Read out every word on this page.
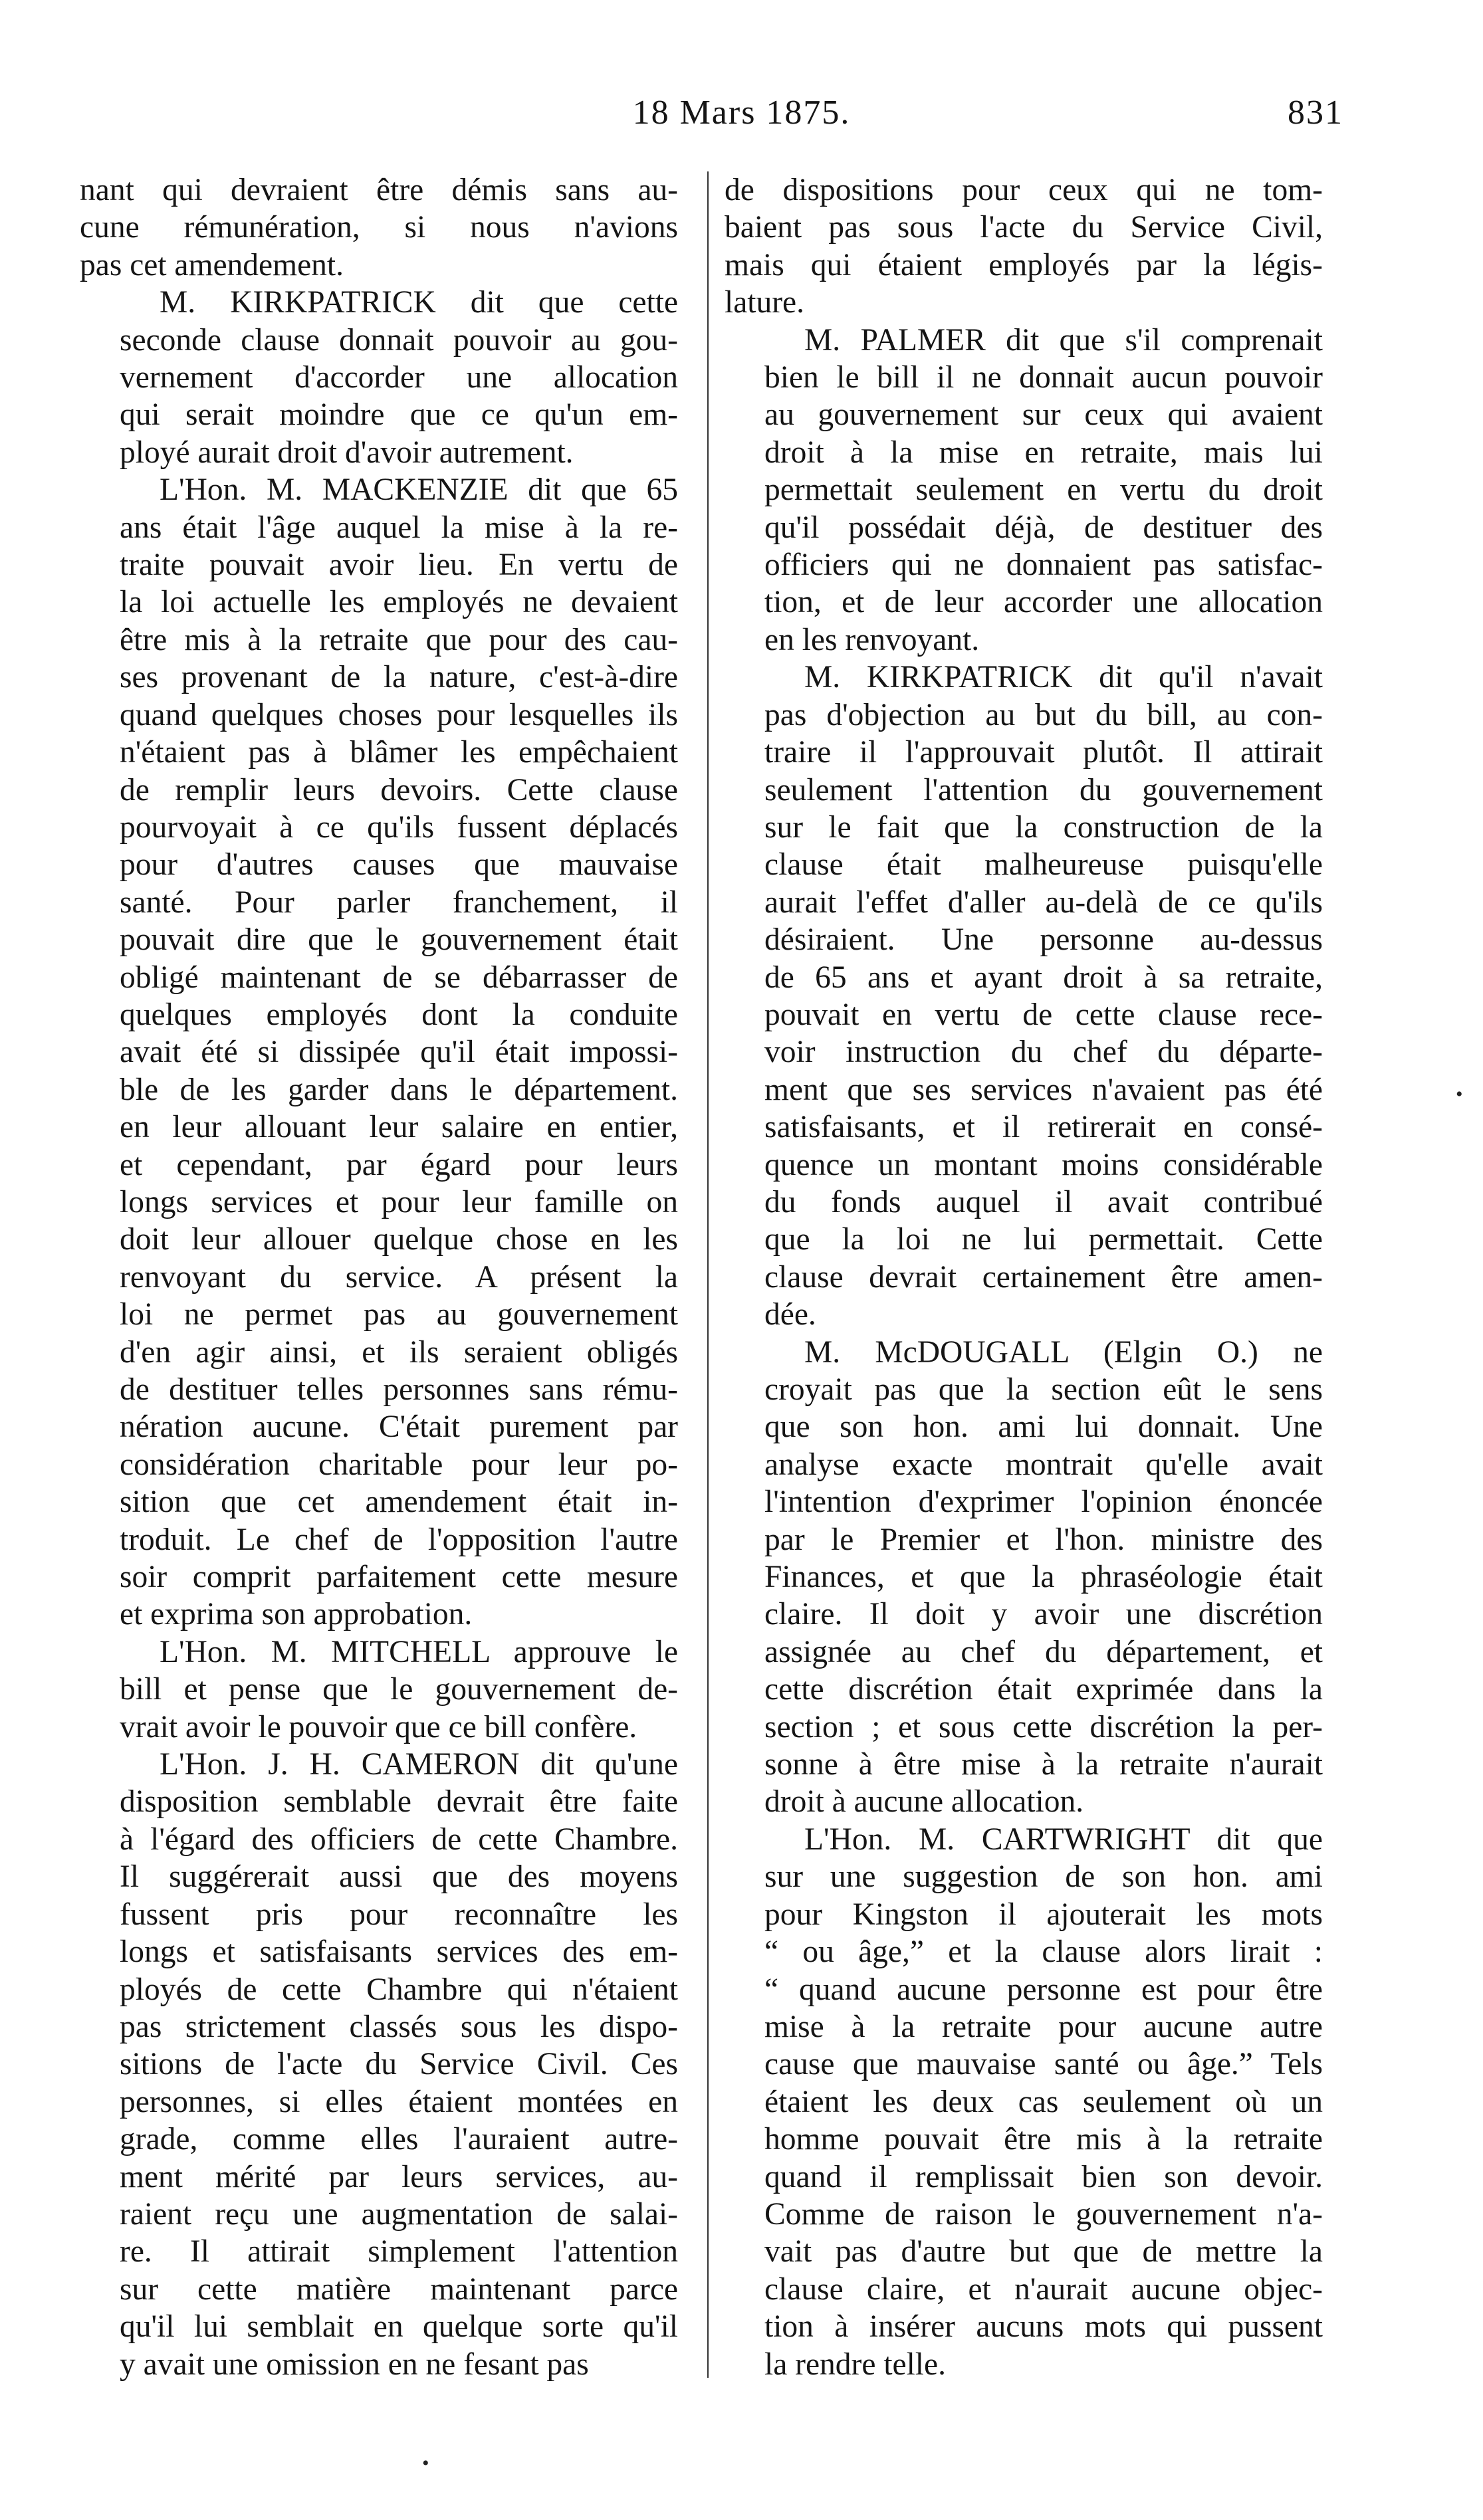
18 Mars 1875.	831

nant qui devraient être démis sans au-
cune rémunération, si nous n'avions
pas cet amendement.

M. KIRKPATRICK dit que cette
seconde clause donnait pouvoir au gou-
vernement d'accorder une allocation
qui serait moindre que ce qu'un em-
ployé aurait droit d'avoir autrement.

L'Hon. M. MACKENZIE dit que 65
ans était l'âge auquel la mise à la re-
traite pouvait avoir lieu. En vertu de
la loi actuelle les employés ne devaient
être mis à la retraite que pour des cau-
ses provenant de la nature, c'est-à-dire
quand quelques choses pour lesquelles ils
n'étaient pas à blâmer les empêchaient
de remplir leurs devoirs. Cette clause
pourvoyait à ce qu'ils fussent déplacés
pour d'autres causes que mauvaise
santé. Pour parler franchement, il
pouvait dire que le gouvernement était
obligé maintenant de se débarrasser de
quelques employés dont la conduite
avait été si dissipée qu'il était impossi-
ble de les garder dans le département.
en leur allouant leur salaire en entier,
et cependant, par égard pour leurs
longs services et pour leur famille on
doit leur allouer quelque chose en les
renvoyant du service. A présent la
loi ne permet pas au gouvernement
d'en agir ainsi, et ils seraient obligés
de destituer telles personnes sans rému-
nération aucune. C'était purement par
considération charitable pour leur po-
sition que cet amendement était in-
troduit. Le chef de l'opposition l'autre
soir comprit parfaitement cette mesure
et exprima son approbation.

L'Hon. M. MITCHELL approuve le
bill et pense que le gouvernement de-
vrait avoir le pouvoir que ce bill confère.

L'Hon. J. H. CAMERON dit qu'une
disposition semblable devrait être faite
à l'égard des officiers de cette Chambre.
Il suggérerait aussi que des moyens
fussent pris pour reconnaître les
longs et satisfaisants services des em-
ployés de cette Chambre qui n'étaient
pas strictement classés sous les dispo-
sitions de l'acte du Service Civil. Ces
personnes, si elles étaient montées en
grade, comme elles l'auraient autre-
ment mérité par leurs services, au-
raient reçu une augmentation de salai-
re. Il attirait simplement l'attention
sur cette matière maintenant parce
qu'il lui semblait en quelque sorte qu'il
y avait une omission en ne fesant pas

de dispositions pour ceux qui ne tom-
baient pas sous l'acte du Service Civil,
mais qui étaient employés par la légis-
lature.

M. PALMER dit que s'il comprenait
bien le bill il ne donnait aucun pouvoir
au gouvernement sur ceux qui avaient
droit à la mise en retraite, mais lui
permettait seulement en vertu du droit
qu'il possédait déjà, de destituer des
officiers qui ne donnaient pas satisfac-
tion, et de leur accorder une allocation
en les renvoyant.

M. KIRKPATRICK dit qu'il n'avait
pas d'objection au but du bill, au con-
traire il l'approuvait plutôt. Il attirait
seulement l'attention du gouvernement
sur le fait que la construction de la
clause était malheureuse puisqu'elle
aurait l'effet d'aller au-delà de ce qu'ils
désiraient. Une personne au-dessus
de 65 ans et ayant droit à sa retraite,
pouvait en vertu de cette clause rece-
voir instruction du chef du départe-
ment que ses services n'avaient pas été
satisfaisants, et il retirerait en consé-
quence un montant moins considérable
du fonds auquel il avait contribué
que la loi ne lui permettait. Cette
clause devrait certainement être amen-
dée.

M. McDOUGALL (Elgin O.) ne
croyait pas que la section eût le sens
que son hon. ami lui donnait. Une
analyse exacte montrait qu'elle avait
l'intention d'exprimer l'opinion énoncée
par le Premier et l'hon. ministre des
Finances, et que la phraséologie était
claire. Il doit y avoir une discrétion
assignée au chef du département, et
cette discrétion était exprimée dans la
section ; et sous cette discrétion la per-
sonne à être mise à la retraite n'aurait
droit à aucune allocation.

L'Hon. M. CARTWRIGHT dit que
sur une suggestion de son hon. ami
pour Kingston il ajouterait les mots
“ ou âge,” et la clause alors lirait :
“ quand aucune personne est pour être
mise à la retraite pour aucune autre
cause que mauvaise santé ou âge.” Tels
étaient les deux cas seulement où un
homme pouvait être mis à la retraite
quand il remplissait bien son devoir.
Comme de raison le gouvernement n'a-
vait pas d'autre but que de mettre la
clause claire, et n'aurait aucune objec-
tion à insérer aucuns mots qui pussent
la rendre telle.

•
•
